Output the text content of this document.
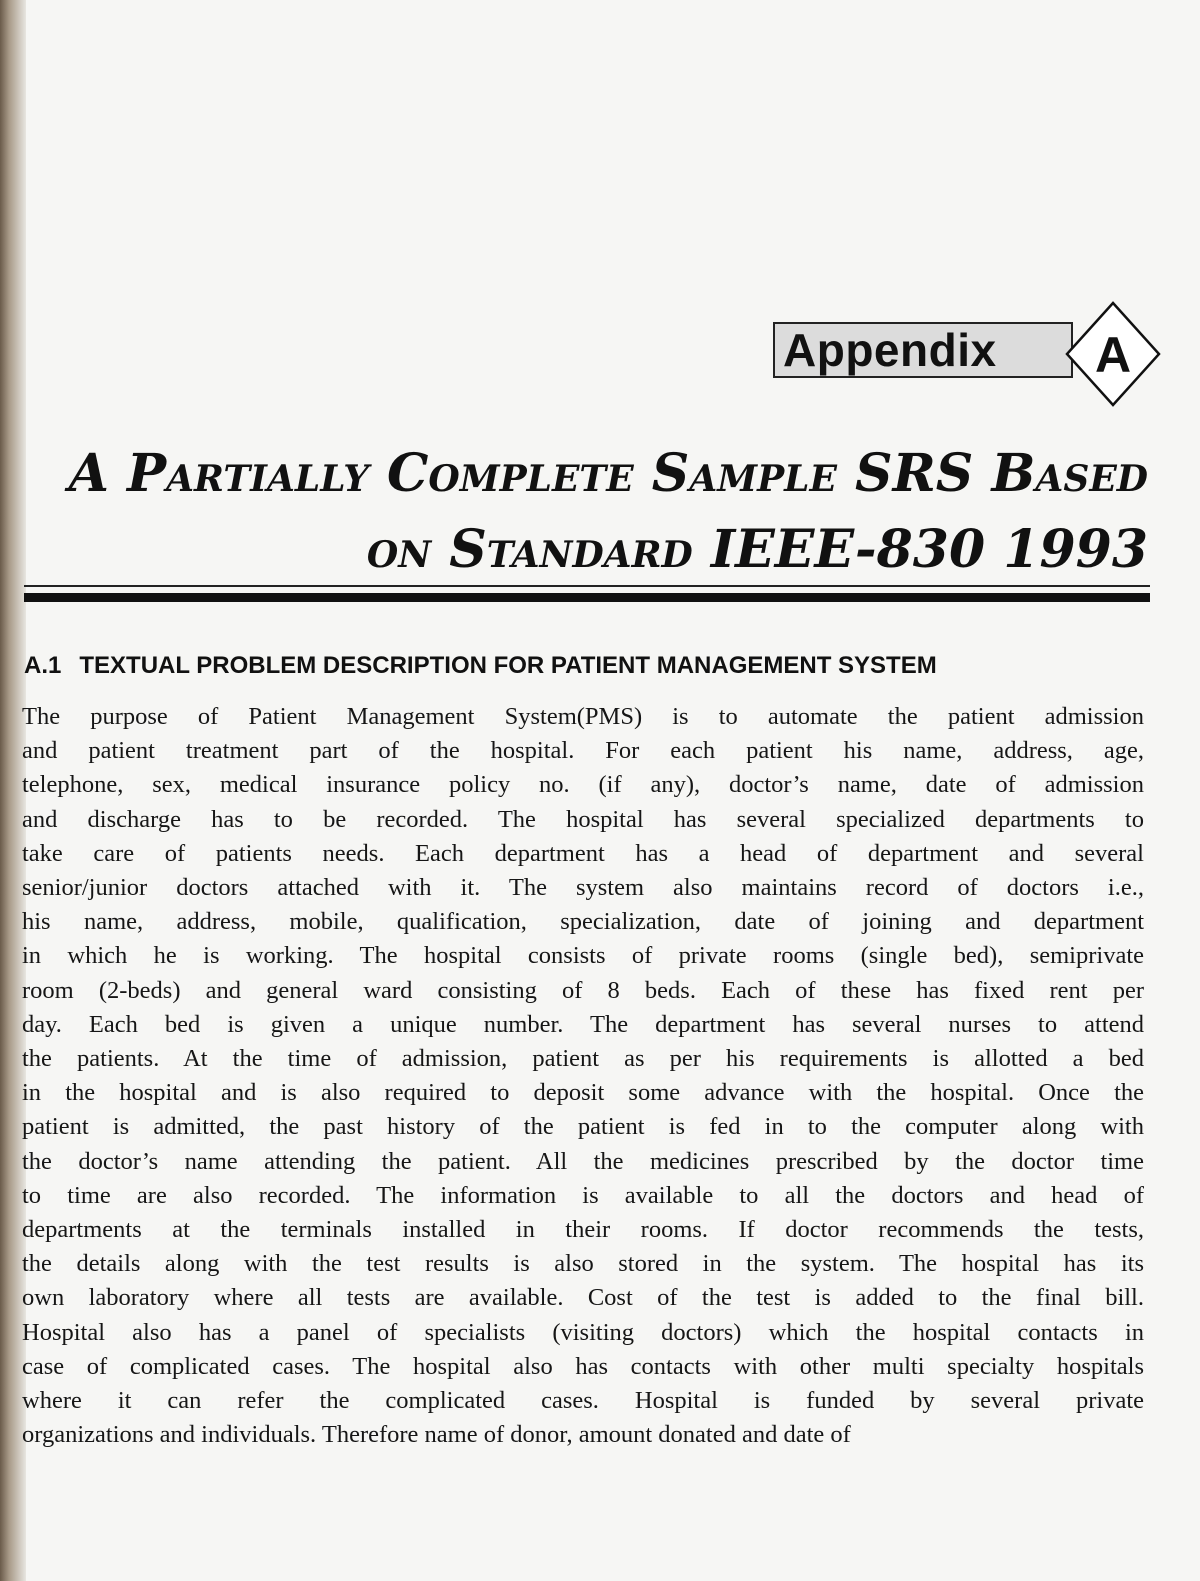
Appendix	A
A Partially Complete Sample SRS Based
on Standard IEEE-830 1993
A.1 TEXTUAL PROBLEM DESCRIPTION FOR PATIENT MANAGEMENT SYSTEM

The purpose of Patient Management System(PMS) is to automate the patient admission
and patient treatment part of the hospital. For each patient his name, address, age,
telephone, sex, medical insurance policy no. (if any), doctor’s name, date of admission
and discharge has to be recorded. The hospital has several specialized departments to
take care of patients needs. Each department has a head of department and several
senior/junior doctors attached with it. The system also maintains record of doctors i.e.,
his name, address, mobile, qualification, specialization, date of joining and department
in which he is working. The hospital consists of private rooms (single bed), semiprivate
room (2-beds) and general ward consisting of 8 beds. Each of these has fixed rent per
day. Each bed is given a unique number. The department has several nurses to attend
the patients. At the time of admission, patient as per his requirements is allotted a bed
in the hospital and is also required to deposit some advance with the hospital. Once the
patient is admitted, the past history of the patient is fed in to the computer along with
the doctor’s name attending the patient. All the medicines prescribed by the doctor time
to time are also recorded. The information is available to all the doctors and head of
departments at the terminals installed in their rooms. If doctor recommends the tests,
the details along with the test results is also stored in the system. The hospital has its
own laboratory where all tests are available. Cost of the test is added to the final bill.
Hospital also has a panel of specialists (visiting doctors) which the hospital contacts in
case of complicated cases. The hospital also has contacts with other multi specialty hospitals
where it can refer the complicated cases. Hospital is funded by several private
organizations and individuals. Therefore name of donor, amount donated and date of
